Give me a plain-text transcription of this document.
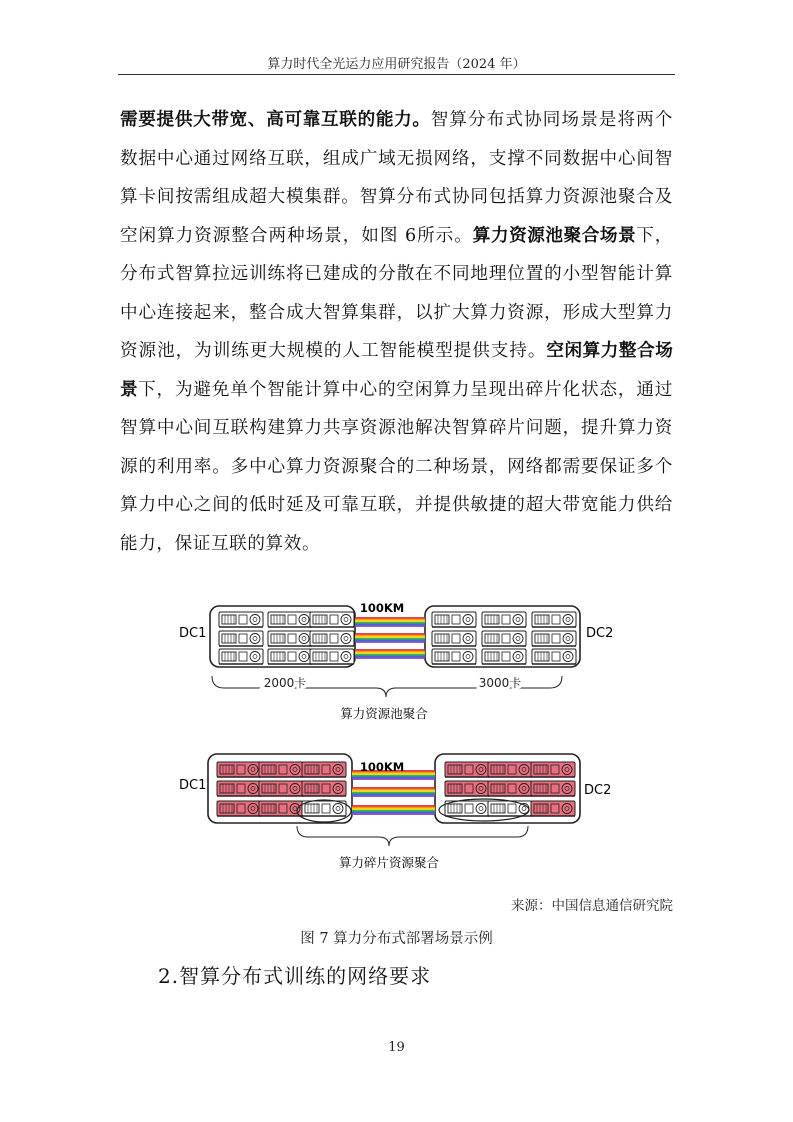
算力时代全光运力应用研究报告（2024 年）
需要提供大带宽、高可靠互联的能力。智算分布式协同场景是将两个数据中心通过网络互联，组成广域无损网络，支撑不同数据中心间智算卡间按需组成超大模集群。智算分布式协同包括算力资源池聚合及空闲算力资源整合两种场景，如图 6所示。算力资源池聚合场景下，分布式智算拉远训练将已建成的分散在不同地理位置的小型智能计算中心连接起来，整合成大智算集群，以扩大算力资源，形成大型算力资源池，为训练更大规模的人工智能模型提供支持。空闲算力整合场景下，为避免单个智能计算中心的空闲算力呈现出碎片化状态，通过智算中心间互联构建算力共享资源池解决智算碎片问题，提升算力资源的利用率。多中心算力资源聚合的二种场景，网络都需要保证多个算力中心之间的低时延及可靠互联，并提供敏捷的超大带宽能力供给能力，保证互联的算效。
100KM
DC1	DC2
2000卡	3000卡
算力资源池聚合
100KM
DC1	DC2
算力碎片资源聚合
来源：中国信息通信研究院
图 7 算力分布式部署场景示例
2.智算分布式训练的网络要求
19
